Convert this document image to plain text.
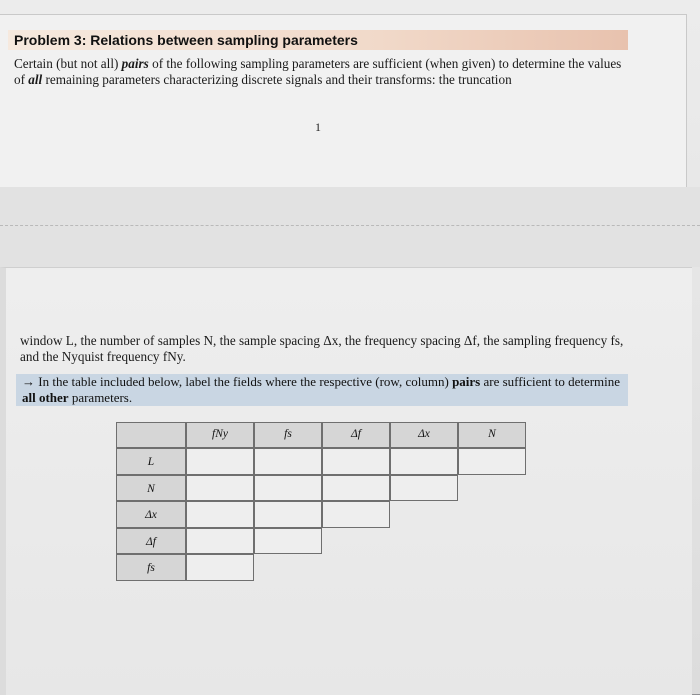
Problem 3: Relations between sampling parameters
Certain (but not all) pairs of the following sampling parameters are sufficient (when given) to determine the values of all remaining parameters characterizing discrete signals and their transforms: the truncation
1
window L, the number of samples N, the sample spacing Δx, the frequency spacing Δf, the sampling frequency fs, and the Nyquist frequency fNy.
→ In the table included below, label the fields where the respective (row, column) pairs are sufficient to determine all other parameters.
fNy	fs	Δf	Δx	N
L
N
Δx
Δf
fs
